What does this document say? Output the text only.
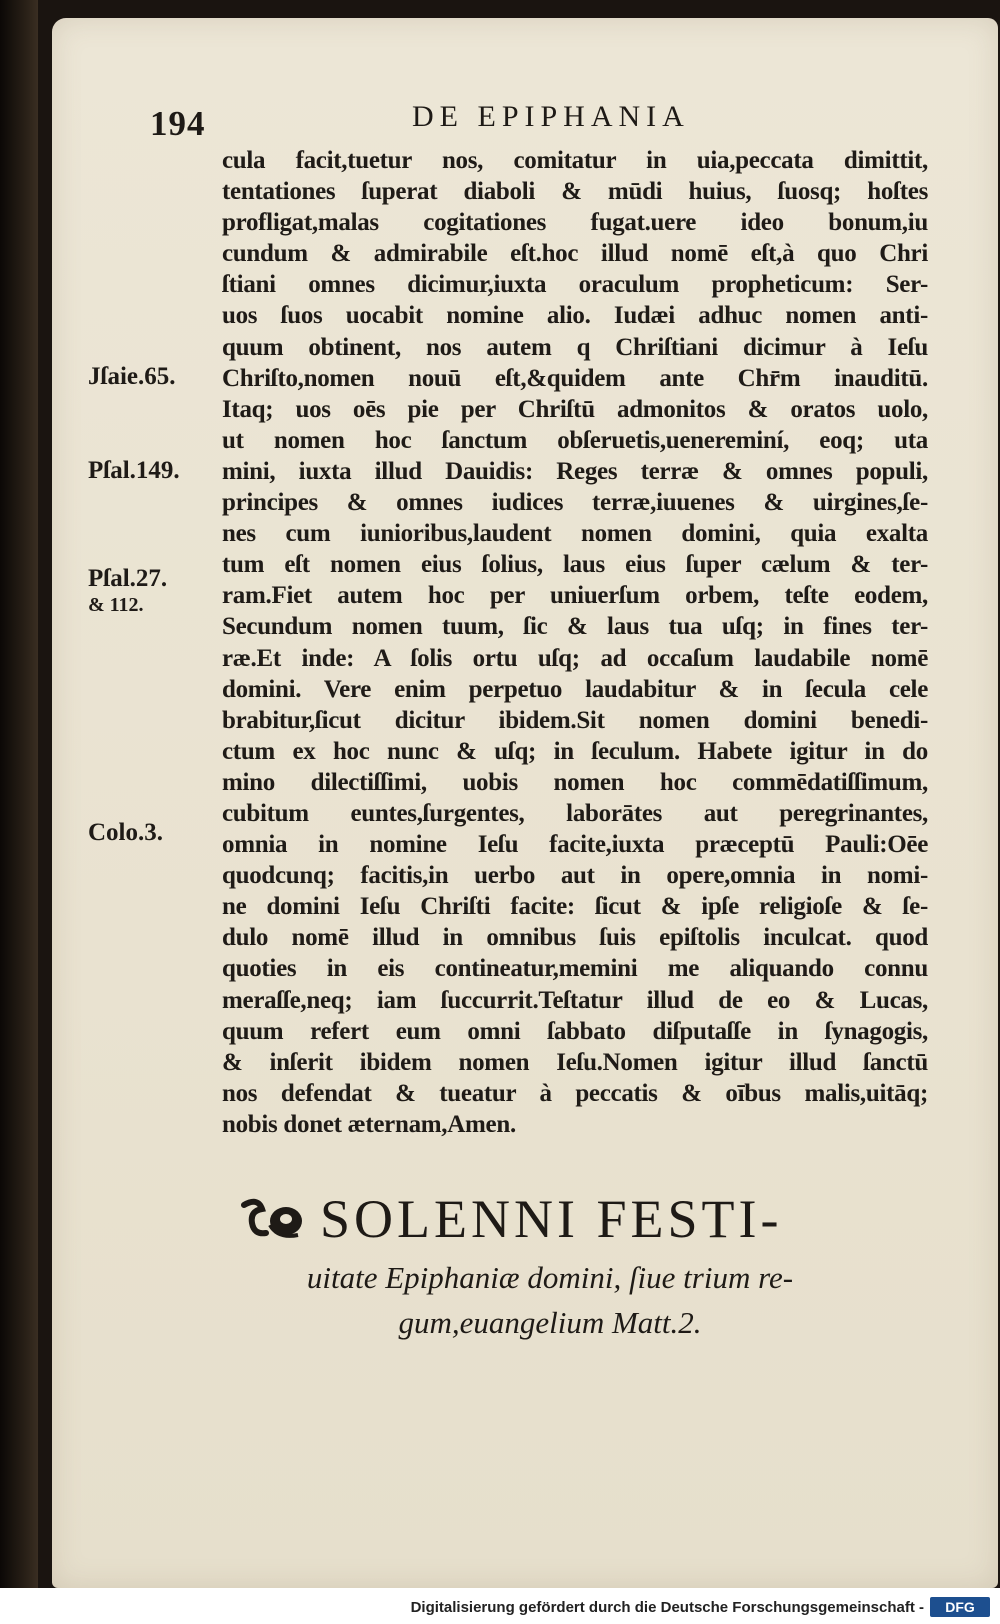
194	DE EPIPHANIA
cula facit,tuetur nos, comitatur in uia,peccata dimittit,
tentationes ſuperat diaboli & mūdi huius, ſuosq; hoſtes
profligat,malas cogitationes fugat.uere ideo bonum,iu
cundum & admirabile eſt.hoc illud nomē eſt,à quo Chri
ſtiani omnes dicimur,iuxta oraculum propheticum: Ser-
uos ſuos uocabit nomine alio. Iudæi adhuc nomen anti-
quum obtinent, nos autem q Chriſtiani dicimur à Ieſu
Chriſto,nomen nouū eſt,&quidem ante Chr̄m inauditū.
Itaq; uos oēs pie per Chriſtū admonitos & oratos uolo,
ut nomen hoc ſanctum obſeruetis,uenereminí, eoq; uta
mini, iuxta illud Dauidis: Reges terræ & omnes populi,
principes & omnes iudices terræ,iuuenes & uirgines,ſe-
nes cum iunioribus,laudent nomen domini, quia exalta
tum eſt nomen eius ſolius, laus eius ſuper cælum & ter-
ram.Fiet autem hoc per uniuerſum orbem, teſte eodem,
Secundum nomen tuum, ſic & laus tua uſq; in fines ter-
ræ.Et inde: A ſolis ortu uſq; ad occaſum laudabile nomē
domini. Vere enim perpetuo laudabitur & in ſecula cele
brabitur,ſicut dicitur ibidem.Sit nomen domini benedi-
ctum ex hoc nunc & uſq; in ſeculum. Habete igitur in do
mino dilectiſſimi, uobis nomen hoc commēdatiſſimum,
cubitum euntes,ſurgentes, laborātes aut peregrinantes,
omnia in nomine Ieſu facite,iuxta præceptū Pauli:Oēe
quodcunq; facitis,in uerbo aut in opere,omnia in nomi-
ne domini Ieſu Chriſti facite: ſicut & ipſe religioſe & ſe-
dulo nomē illud in omnibus ſuis epiſtolis inculcat. quod
quoties in eis contineatur,memini me aliquando connu
meraſſe,neq; iam ſuccurrit.Teſtatur illud de eo & Lucas,
quum refert eum omni ſabbato diſputaſſe in ſynagogis,
& inſerit ibidem nomen Ieſu.Nomen igitur illud ſanctū
nos defendat & tueatur à peccatis & oībus malis,uitāq;
nobis donet æternam,Amen.
Jſaie.65.
Pſal.149.
Pſal.27.
& 112.
Colo.3.
SOLENNI FESTI-
uitate Epiphaniæ domini, ſiue trium re-
gum,euangelium Matt.2.
Digitalisierung gefördert durch die Deutsche Forschungsgemeinschaft -	DFG
